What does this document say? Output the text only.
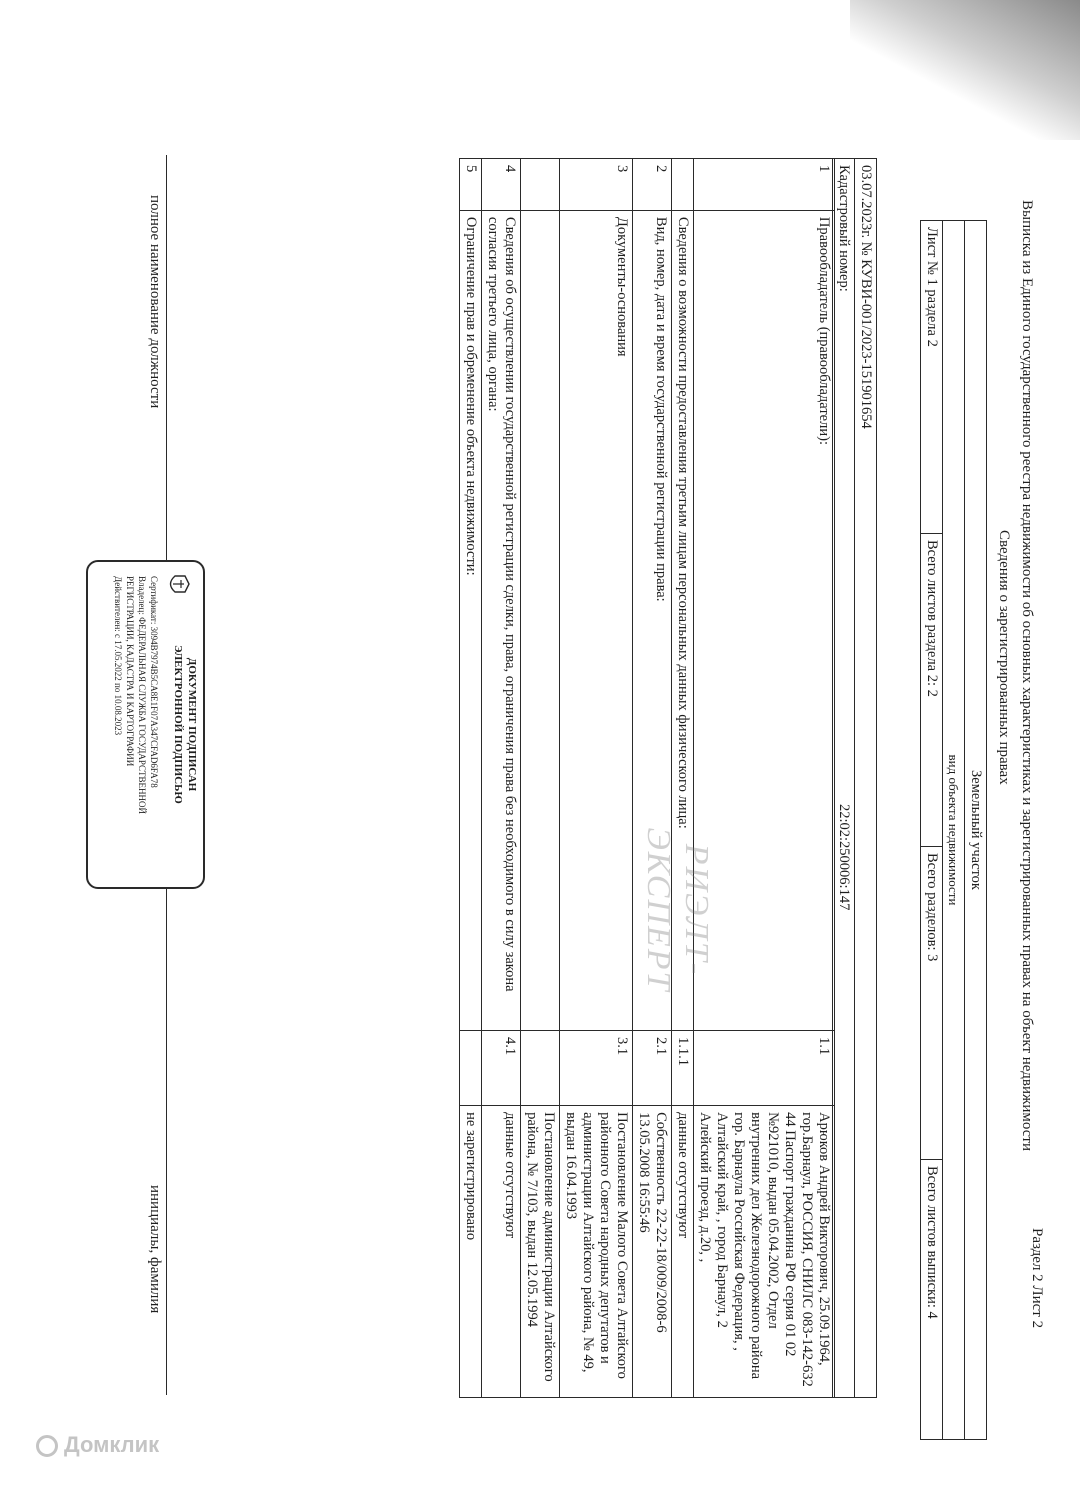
Выписка из Единого государственного реестра недвижимости об основных характеристиках и зарегистрированных правах на объект недвижимости
Раздел 2 Лист 2
Сведения о зарегистрированных правах
Земельный участок
вид объекта недвижимости
Лист № 1 раздела 2	Всего листов раздела 2: 2	Всего разделов: 3	Всего листов выписки: 4
03.07.2023г. № КУВИ-001/2023-151901654
Кадастровый номер:
22:02:250006:147
1	Правообладатель (правообладатели):	1.1	Арюков Андрей Викторович, 25.09.1964, гор.Барнаул, РОССИЯ, СНИЛС 083-142-632 44 Паспорт гражданина РФ серия 01 02 №921010, выдан 05.04.2002, Отдел внутренних дел Железнодорожного района гор. Барнаула Российская Федерация, , Алтайский край, , город Барнаул, 2 Алейский проезд, д.20, ,
	Сведения о возможности предоставления третьим лицам персональных данных физического лица:	1.1.1	данные отсутствуют
2	Вид, номер, дата и время государственной регистрации права:	2.1	Собственность 22-22-18/009/2008-6 13.05.2008 16:55:46
3	Документы-основания	3.1	Постановление Малого Совета Алтайского районного Совета народных депутатов и администрации Алтайского района, № 49, выдан 16.04.1993
			Постановление администрации Алтайского района, № 7/103, выдан 12.05.1994
4	Сведения об осуществлении государственной регистрации сделки, права, ограничения права без необходимого в силу закона согласия третьего лица, органа:	4.1	данные отсутствуют
5	Ограничение прав и обременение объекта недвижимости:		не зарегистрировано
РИЭЛТ-ЭКСПЕРТ
полное наименование должности
инициалы, фамилия
ДОКУМЕНТ ПОДПИСАН
ЭЛЕКТРОННОЙ ПОДПИСЬЮ
Сертификат: 3094B7974B5CA8E1F07A347CFAD6FA78
Владелец: ФЕДЕРАЛЬНАЯ СЛУЖБА ГОСУДАРСТВЕННОЙ
РЕГИСТРАЦИИ, КАДАСТРА И КАРТОГРАФИИ
Действителен: с 17.05.2022 по 10.08.2023
Домклик
